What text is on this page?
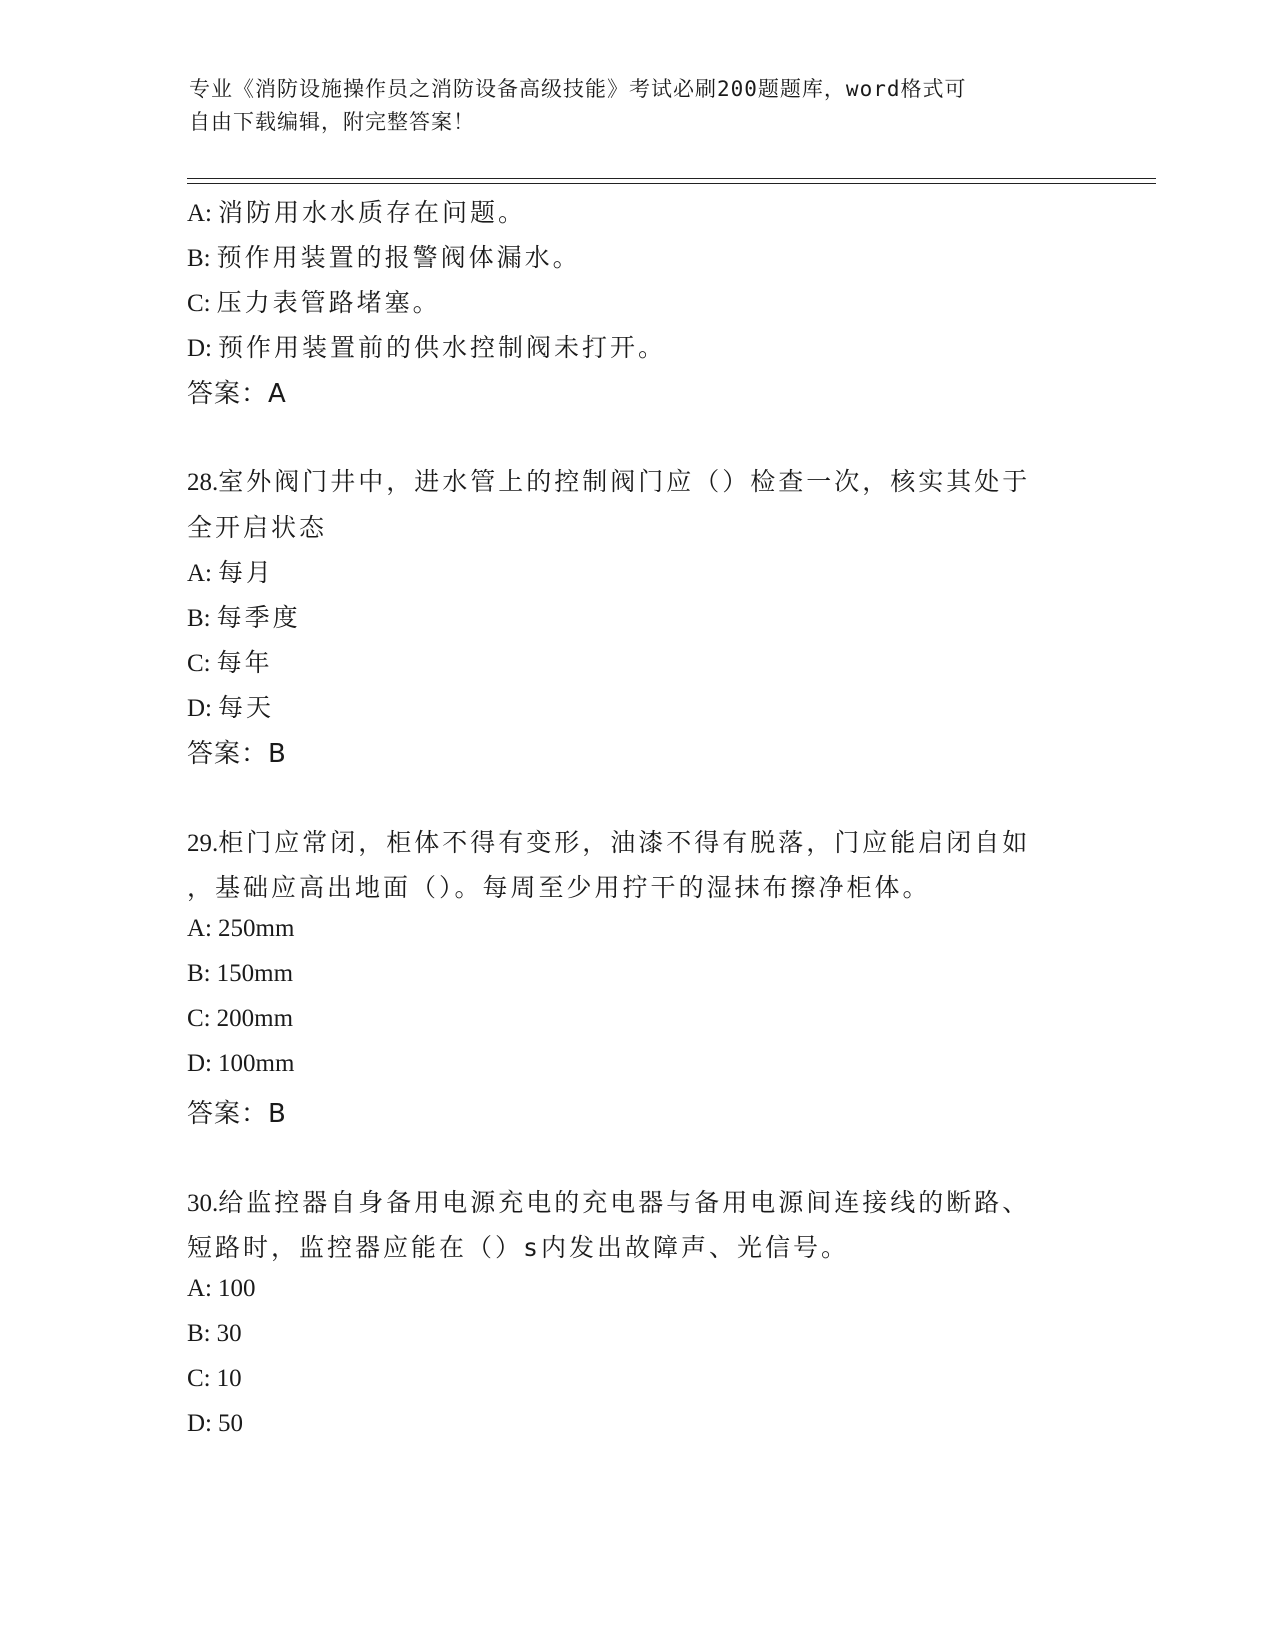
专业《消防设施操作员之消防设备高级技能》考试必刷200题题库，word格式可
自由下载编辑，附完整答案！
A: 消防用水水质存在问题。
B: 预作用装置的报警阀体漏水。
C: 压力表管路堵塞。
D: 预作用装置前的供水控制阀未打开。
答案：A
28.室外阀门井中，进水管上的控制阀门应（）检查一次，核实其处于
全开启状态
A: 每月
B: 每季度
C: 每年
D: 每天
答案：B
29.柜门应常闭，柜体不得有变形，油漆不得有脱落，门应能启闭自如
，基础应高出地面（）。每周至少用拧干的湿抹布擦净柜体。
A: 250mm
B: 150mm
C: 200mm
D: 100mm
答案：B
30.给监控器自身备用电源充电的充电器与备用电源间连接线的断路、
短路时，监控器应能在（）s内发出故障声、光信号。
A: 100
B: 30
C: 10
D: 50
